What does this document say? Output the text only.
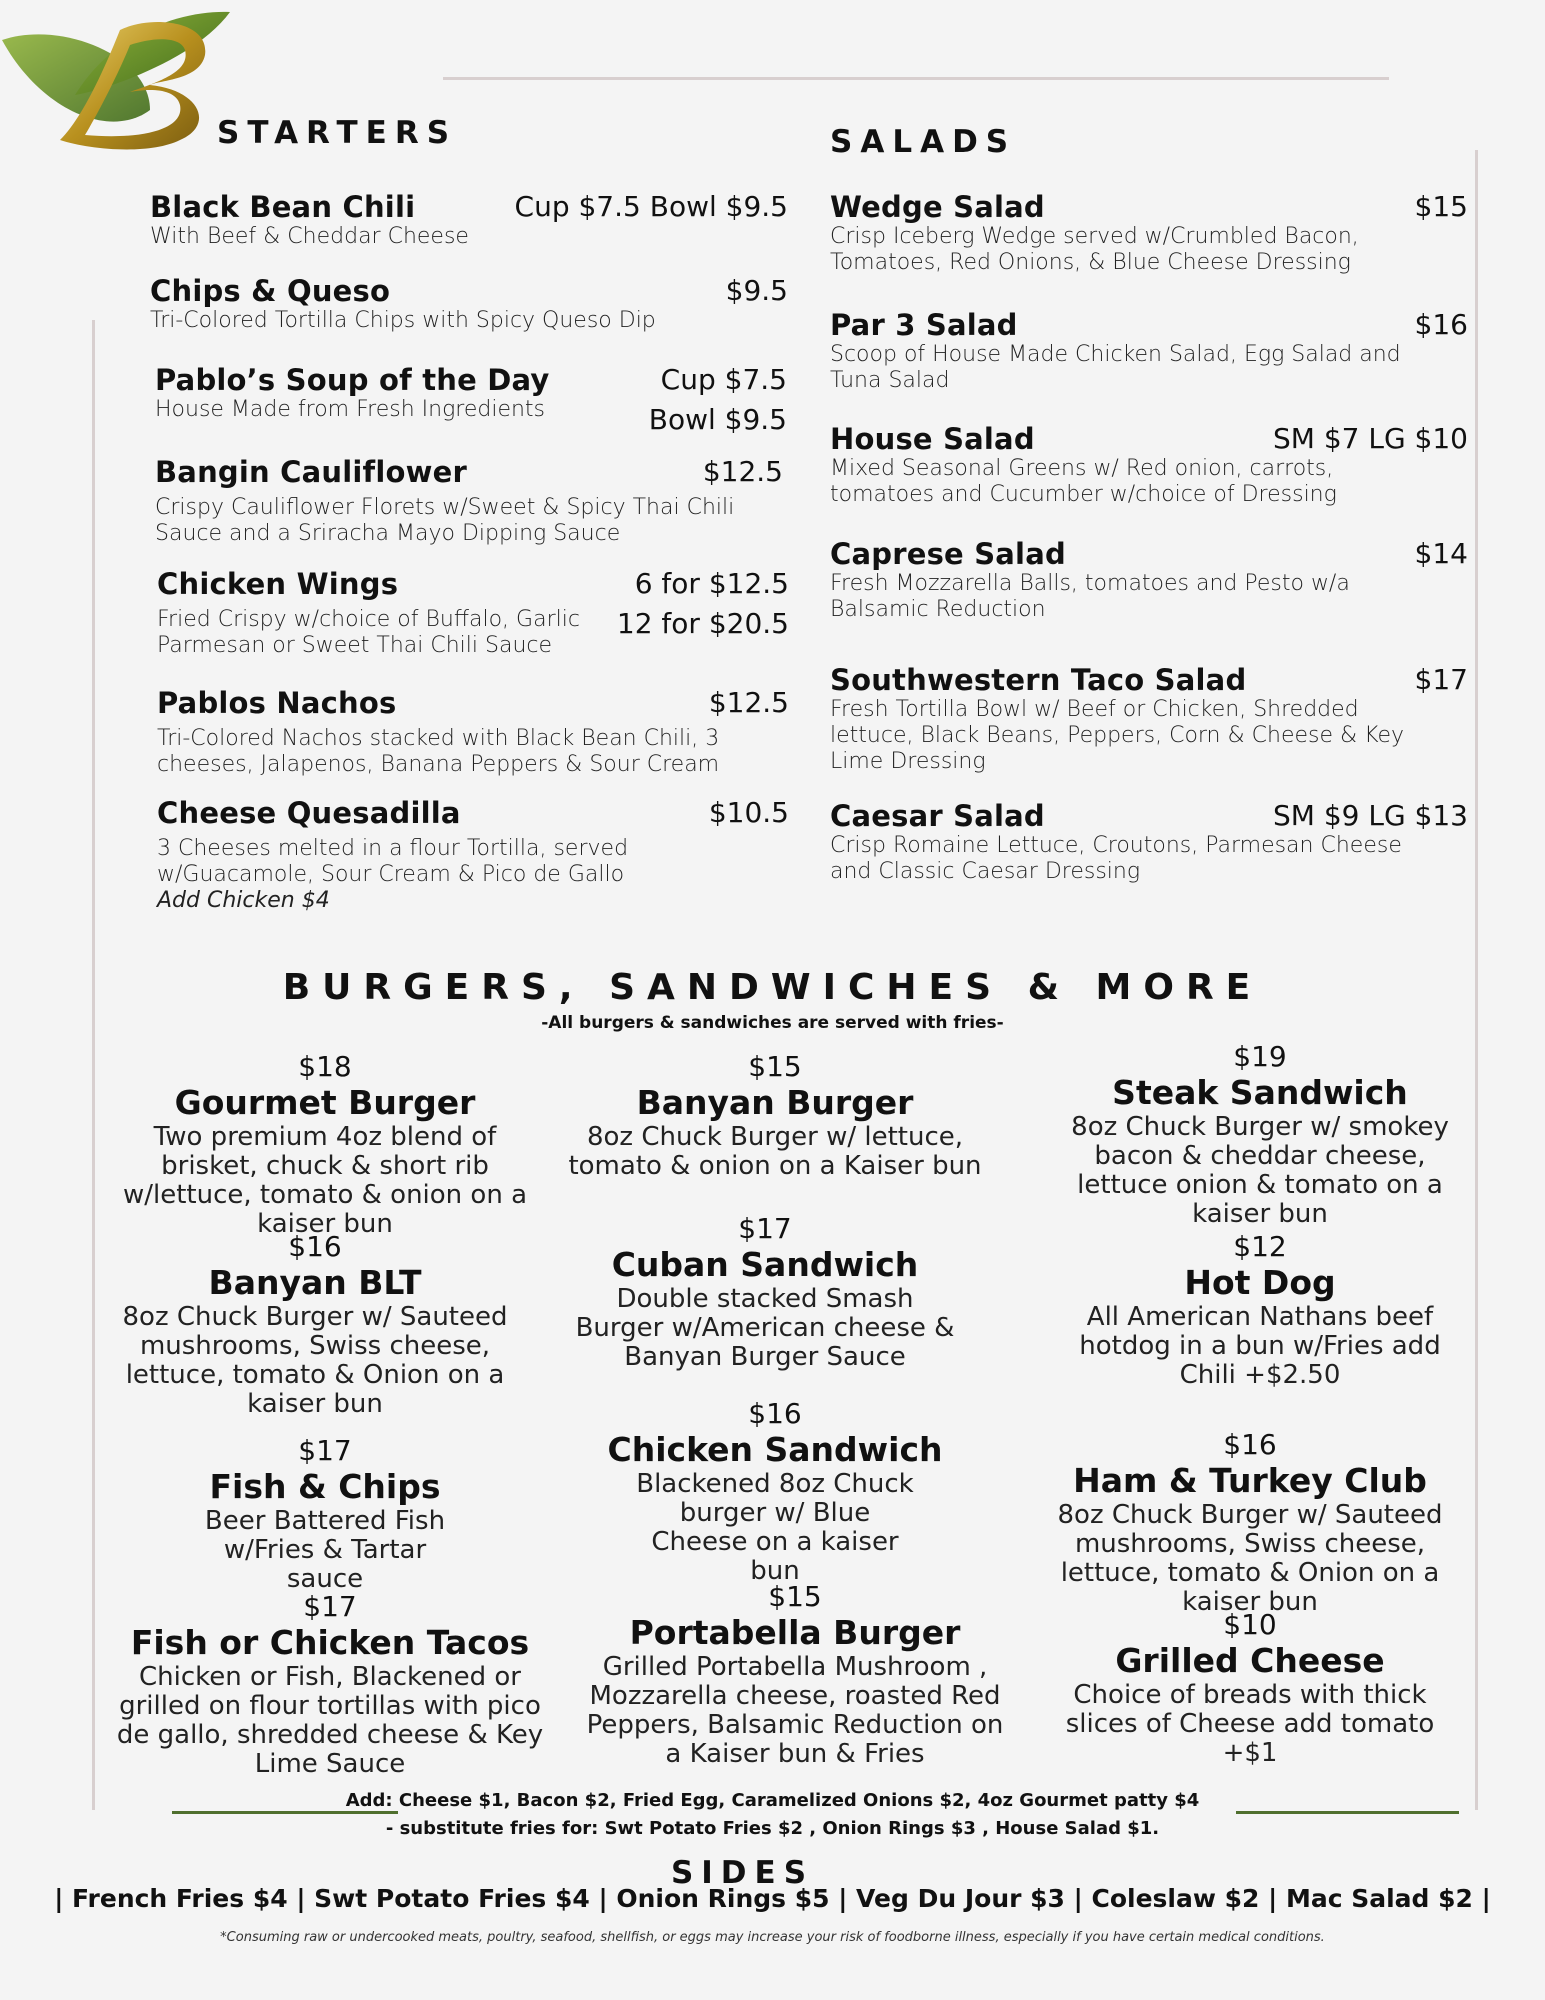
STARTERS
Black Bean Chili	Cup $7.5 Bowl $9.5
With Beef & Cheddar Cheese
Chips & Queso	$9.5
Tri-Colored Tortilla Chips with Spicy Queso Dip
Pablo’s Soup of the Day	Cup $7.5
Bowl $9.5
House Made from Fresh Ingredients
Bangin Cauliflower	$12.5
Crispy Cauliflower Florets w/Sweet & Spicy Thai Chili Sauce and a Sriracha Mayo Dipping Sauce
Chicken Wings	6 for $12.5
12 for $20.5
Fried Crispy w/choice of Buffalo, Garlic Parmesan or Sweet Thai Chili Sauce
Pablos Nachos	$12.5
Tri-Colored Nachos stacked with Black Bean Chili, 3 cheeses, Jalapenos, Banana Peppers & Sour Cream
Cheese Quesadilla	$10.5
3 Cheeses melted in a flour Tortilla, served w/Guacamole, Sour Cream & Pico de Gallo
Add Chicken $4
SALADS
Wedge Salad	$15
Crisp Iceberg Wedge served w/Crumbled Bacon, Tomatoes, Red Onions, & Blue Cheese Dressing
Par 3 Salad	$16
Scoop of House Made Chicken Salad, Egg Salad and Tuna Salad
House Salad	SM $7 LG $10
Mixed Seasonal Greens w/ Red onion, carrots, tomatoes and Cucumber w/choice of Dressing
Caprese Salad	$14
Fresh Mozzarella Balls, tomatoes and Pesto w/a Balsamic Reduction
Southwestern Taco Salad	$17
Fresh Tortilla Bowl w/ Beef or Chicken, Shredded lettuce, Black Beans, Peppers, Corn & Cheese & Key Lime Dressing
Caesar Salad	SM $9 LG $13
Crisp Romaine Lettuce, Croutons, Parmesan Cheese and Classic Caesar Dressing
BURGERS, SANDWICHES & MORE
-All burgers & sandwiches are served with fries-
$18
Gourmet Burger
Two premium 4oz blend of brisket, chuck & short rib w/lettuce, tomato & onion on a kaiser bun
$16
Banyan BLT
8oz Chuck Burger w/ Sauteed mushrooms, Swiss cheese, lettuce, tomato & Onion on a kaiser bun
$17
Fish & Chips
Beer Battered Fish w/Fries & Tartar sauce
$17
Fish or Chicken Tacos
Chicken or Fish, Blackened or grilled on flour tortillas with pico de gallo, shredded cheese & Key Lime Sauce
$15
Banyan Burger
8oz Chuck Burger w/ lettuce, tomato & onion on a Kaiser bun
$17
Cuban Sandwich
Double stacked Smash Burger w/American cheese & Banyan Burger Sauce
$16
Chicken Sandwich
Blackened 8oz Chuck burger w/ Blue Cheese on a kaiser bun
$15
Portabella Burger
Grilled Portabella Mushroom , Mozzarella cheese, roasted Red Peppers, Balsamic Reduction on a Kaiser bun & Fries
$19
Steak Sandwich
8oz Chuck Burger w/ smokey bacon & cheddar cheese, lettuce onion & tomato on a kaiser bun
$12
Hot Dog
All American Nathans beef hotdog in a bun w/Fries add Chili +$2.50
$16
Ham & Turkey Club
8oz Chuck Burger w/ Sauteed mushrooms, Swiss cheese, lettuce, tomato & Onion on a kaiser bun
$10
Grilled Cheese
Choice of breads with thick slices of Cheese add tomato +$1
Add: Cheese $1, Bacon $2, Fried Egg, Caramelized Onions $2, 4oz Gourmet patty $4
- substitute fries for: Swt Potato Fries $2 , Onion Rings $3 , House Salad $1.
SIDES
| French Fries $4 | Swt Potato Fries $4 | Onion Rings $5 | Veg Du Jour $3 | Coleslaw $2 | Mac Salad $2 |
*Consuming raw or undercooked meats, poultry, seafood, shellfish, or eggs may increase your risk of foodborne illness, especially if you have certain medical conditions.
